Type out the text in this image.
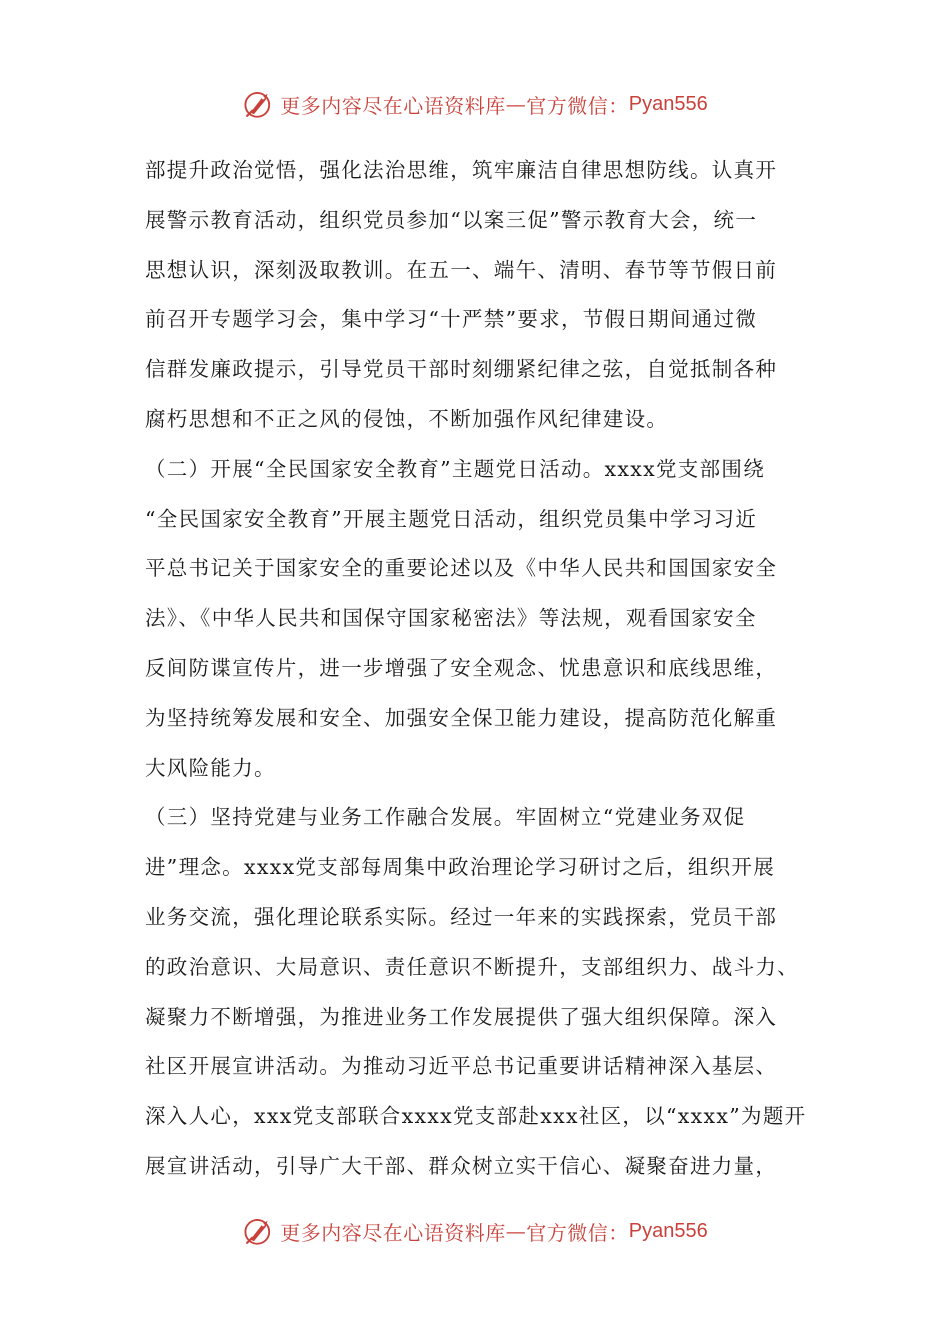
更多内容尽在心语资料库 — 官方微信： Pyan556
部提升政治觉悟，强化法治思维，筑牢廉洁自律思想防线。认真开
展警示教育活动，组织党员参加“以案三促”警示教育大会，统一
思想认识，深刻汲取教训。在五一、端午、清明、春节等节假日前
前召开专题学习会，集中学习“十严禁”要求，节假日期间通过微
信群发廉政提示，引导党员干部时刻绷紧纪律之弦，自觉抵制各种
腐朽思想和不正之风的侵蚀，不断加强作风纪律建设。
（二）开展“全民国家安全教育”主题党日活动。xxxx党支部围绕
“全民国家安全教育”开展主题党日活动，组织党员集中学习习近
平总书记关于国家安全的重要论述以及《中华人民共和国国家安全
法》、《中华人民共和国保守国家秘密法》等法规，观看国家安全
反间防谍宣传片，进一步增强了安全观念、忧患意识和底线思维，
为坚持统筹发展和安全、加强安全保卫能力建设，提高防范化解重
大风险能力。
（三）坚持党建与业务工作融合发展。牢固树立“党建业务双促
进”理念。xxxx党支部每周集中政治理论学习研讨之后，组织开展
业务交流，强化理论联系实际。经过一年来的实践探索，党员干部
的政治意识、大局意识、责任意识不断提升，支部组织力、战斗力、
凝聚力不断增强，为推进业务工作发展提供了强大组织保障。深入
社区开展宣讲活动。为推动习近平总书记重要讲话精神深入基层、
深入人心，xxx党支部联合xxxx党支部赴xxx社区，以“xxxx”为题开
展宣讲活动，引导广大干部、群众树立实干信心、凝聚奋进力量，
更多内容尽在心语资料库 — 官方微信： Pyan556
